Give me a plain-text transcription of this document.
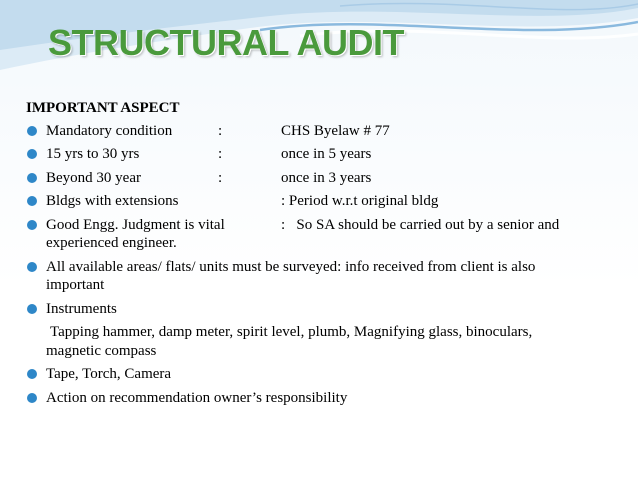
STRUCTURAL AUDIT
IMPORTANT ASPECT
Mandatory condition	:	CHS Byelaw # 77
15 yrs to 30 yrs	:	once in 5 years
Beyond 30 year	:	once in 3 years
Bldgs with extensions	: Period w.r.t original bldg
Good Engg. Judgment is vital	:   So SA should be carried out by a senior and
experienced engineer.
All available areas/ flats/ units must be surveyed: info received from client is also
important
Instruments
Tapping hammer, damp meter, spirit level, plumb, Magnifying glass, binoculars,
magnetic compass
Tape, Torch, Camera
Action on recommendation owner’s responsibility
